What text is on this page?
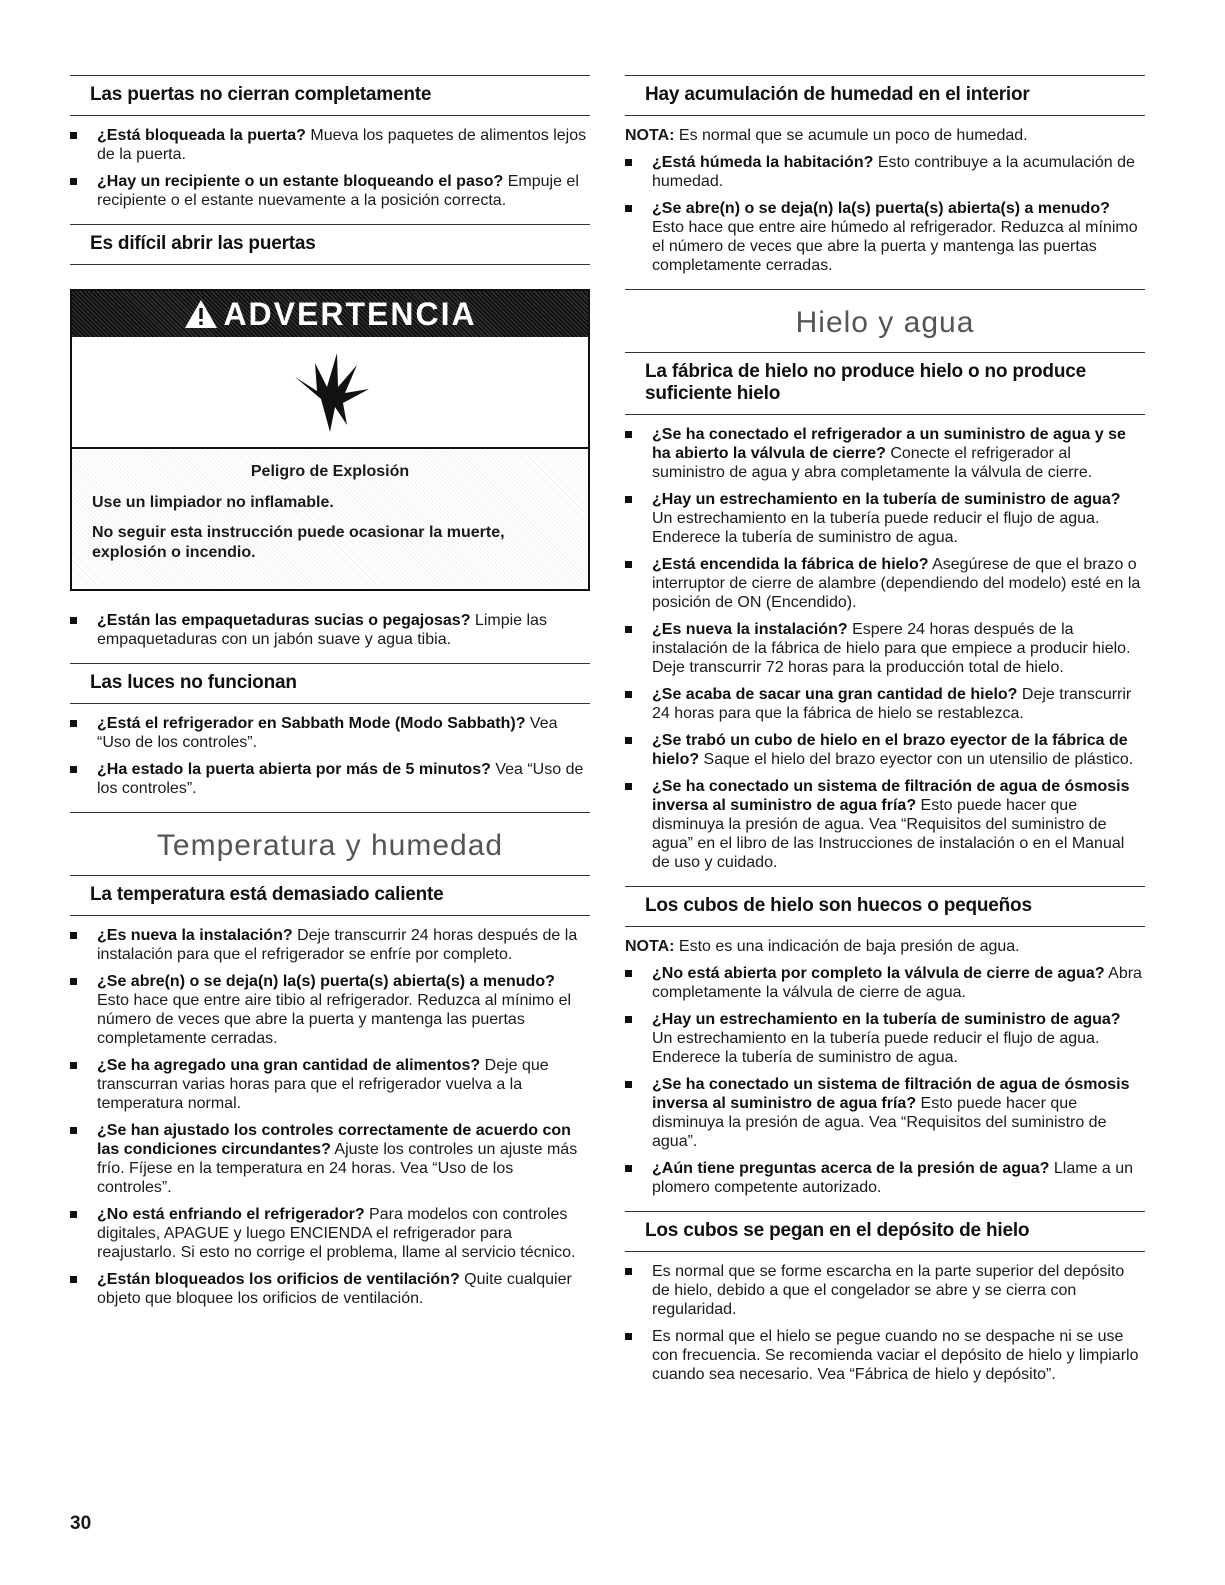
Las puertas no cierran completamente
¿Está bloqueada la puerta? Mueva los paquetes de alimentos lejos de la puerta.
¿Hay un recipiente o un estante bloqueando el paso? Empuje el recipiente o el estante nuevamente a la posición correcta.
Es difícil abrir las puertas
ADVERTENCIA
Peligro de Explosión

Use un limpiador no inflamable.

No seguir esta instrucción puede ocasionar la muerte, explosión o incendio.

¿Están las empaquetaduras sucias o pegajosas? Limpie las empaquetaduras con un jabón suave y agua tibia.
Las luces no funcionan
¿Está el refrigerador en Sabbath Mode (Modo Sabbath)? Vea “Uso de los controles”.
¿Ha estado la puerta abierta por más de 5 minutos? Vea “Uso de los controles”.
Temperatura y humedad
La temperatura está demasiado caliente
¿Es nueva la instalación? Deje transcurrir 24 horas después de la instalación para que el refrigerador se enfríe por completo.
¿Se abre(n) o se deja(n) la(s) puerta(s) abierta(s) a menudo? Esto hace que entre aire tibio al refrigerador. Reduzca al mínimo el número de veces que abre la puerta y mantenga las puertas completamente cerradas.
¿Se ha agregado una gran cantidad de alimentos? Deje que transcurran varias horas para que el refrigerador vuelva a la temperatura normal.
¿Se han ajustado los controles correctamente de acuerdo con las condiciones circundantes? Ajuste los controles un ajuste más frío. Fíjese en la temperatura en 24 horas. Vea “Uso de los controles”.
¿No está enfriando el refrigerador? Para modelos con controles digitales, APAGUE y luego ENCIENDA el refrigerador para reajustarlo. Si esto no corrige el problema, llame al servicio técnico.
¿Están bloqueados los orificios de ventilación? Quite cualquier objeto que bloquee los orificios de ventilación.
Hay acumulación de humedad en el interior
NOTA: Es normal que se acumule un poco de humedad.
¿Está húmeda la habitación? Esto contribuye a la acumulación de humedad.
¿Se abre(n) o se deja(n) la(s) puerta(s) abierta(s) a menudo? Esto hace que entre aire húmedo al refrigerador. Reduzca al mínimo el número de veces que abre la puerta y mantenga las puertas completamente cerradas.
Hielo y agua
La fábrica de hielo no produce hielo o no produce suficiente hielo
¿Se ha conectado el refrigerador a un suministro de agua y se ha abierto la válvula de cierre? Conecte el refrigerador al suministro de agua y abra completamente la válvula de cierre.
¿Hay un estrechamiento en la tubería de suministro de agua? Un estrechamiento en la tubería puede reducir el flujo de agua. Enderece la tubería de suministro de agua.
¿Está encendida la fábrica de hielo? Asegúrese de que el brazo o interruptor de cierre de alambre (dependiendo del modelo) esté en la posición de ON (Encendido).
¿Es nueva la instalación? Espere 24 horas después de la instalación de la fábrica de hielo para que empiece a producir hielo. Deje transcurrir 72 horas para la producción total de hielo.
¿Se acaba de sacar una gran cantidad de hielo? Deje transcurrir 24 horas para que la fábrica de hielo se restablezca.
¿Se trabó un cubo de hielo en el brazo eyector de la fábrica de hielo? Saque el hielo del brazo eyector con un utensilio de plástico.
¿Se ha conectado un sistema de filtración de agua de ósmosis inversa al suministro de agua fría? Esto puede hacer que disminuya la presión de agua. Vea “Requisitos del suministro de agua” en el libro de las Instrucciones de instalación o en el Manual de uso y cuidado.
Los cubos de hielo son huecos o pequeños
NOTA: Esto es una indicación de baja presión de agua.
¿No está abierta por completo la válvula de cierre de agua? Abra completamente la válvula de cierre de agua.
¿Hay un estrechamiento en la tubería de suministro de agua? Un estrechamiento en la tubería puede reducir el flujo de agua. Enderece la tubería de suministro de agua.
¿Se ha conectado un sistema de filtración de agua de ósmosis inversa al suministro de agua fría? Esto puede hacer que disminuya la presión de agua. Vea “Requisitos del suministro de agua”.
¿Aún tiene preguntas acerca de la presión de agua? Llame a un plomero competente autorizado.
Los cubos se pegan en el depósito de hielo
Es normal que se forme escarcha en la parte superior del depósito de hielo, debido a que el congelador se abre y se cierra con regularidad.
Es normal que el hielo se pegue cuando no se despache ni se use con frecuencia. Se recomienda vaciar el depósito de hielo y limpiarlo cuando sea necesario. Vea “Fábrica de hielo y depósito”.
30
